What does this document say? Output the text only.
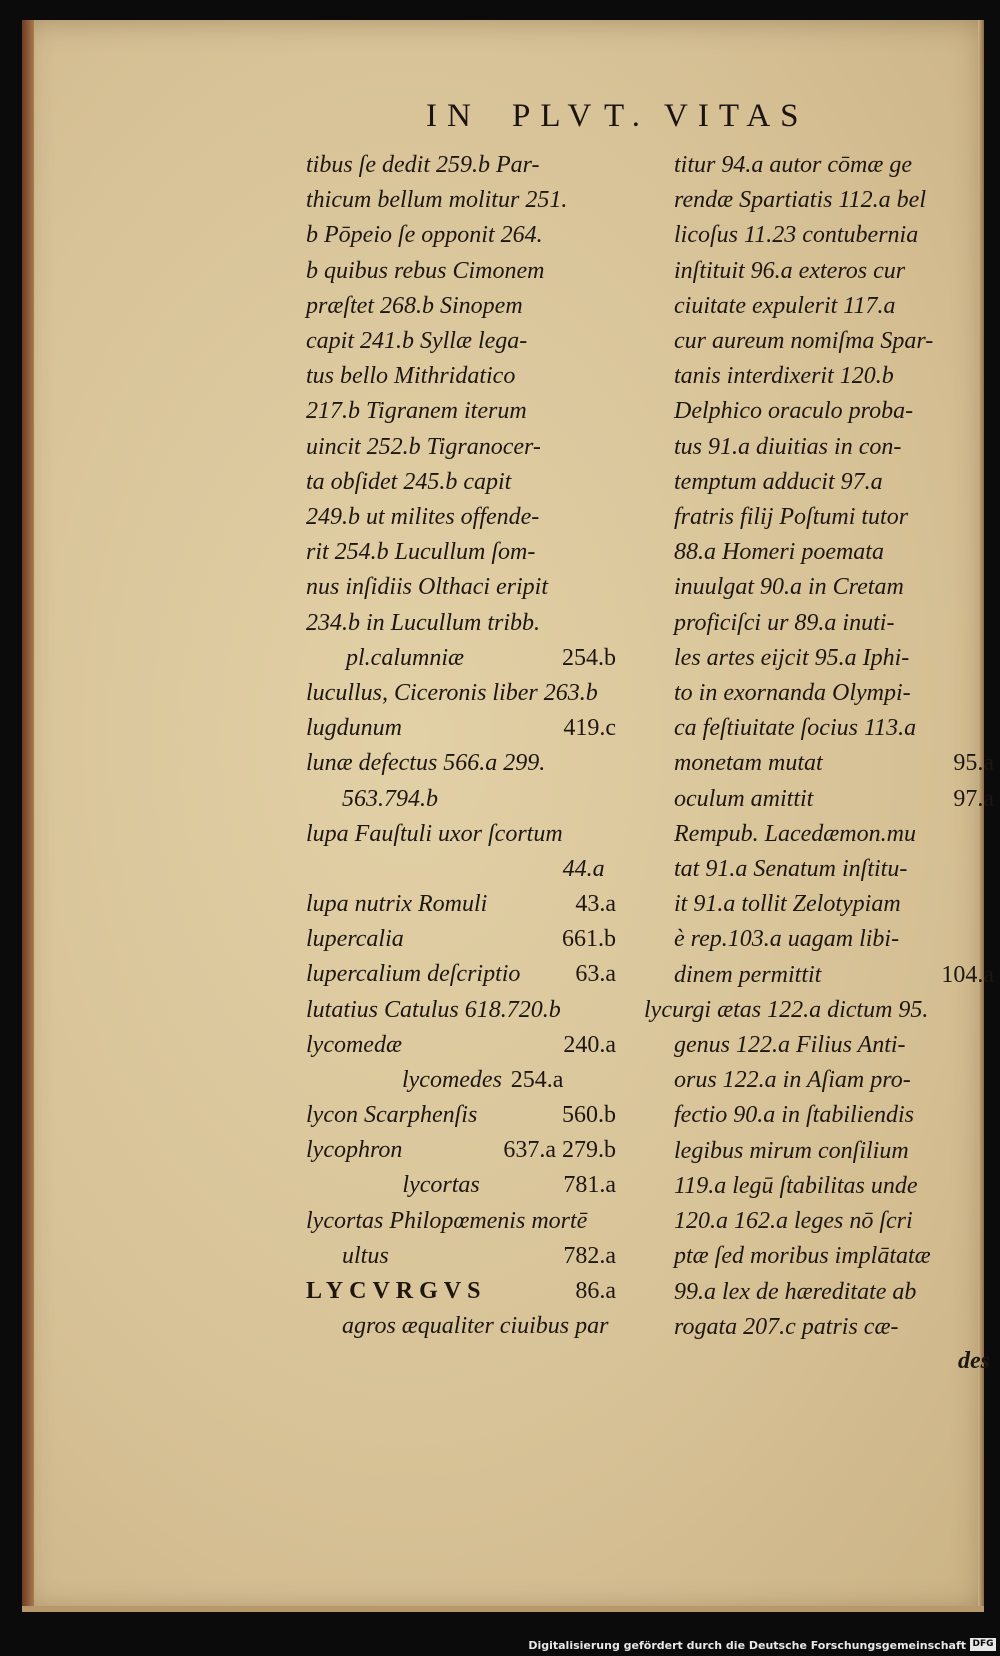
IN PLV T. VITAS
tibus ſe dedit 259.b Par-
thicum bellum molitur 251.
b Pōpeio ſe opponit 264.
b quibus rebus Cimonem
præſtet 268.b Sinopem
capit 241.b Syllæ lega-
tus bello Mithridatico
217.b Tigranem iterum
uincit 252.b Tigranocer-
ta obſidet 245.b capit
249.b ut milites offende-
rit 254.b Lucullum ſom-
nus inſidiis Olthaci eripit
234.b in Lucullum tribb.
pl.calumniæ	254.b
lucullus, Ciceronis liber 263.b
lugdunum	419.c
lunæ defectus 566.a 299.
563.794.b
lupa Fauſtuli uxor ſcortum
44.a
lupa nutrix Romuli	43.a
lupercalia	661.b
lupercalium deſcriptio 63.a
lutatius Catulus 618.720.b
lycomedæ	240.a
lycomedes 254.a
lycon Scarphenſis	560.b
lycophron	637.a 279.b
lycortas	781.a
lycortas Philopœmenis mortē
ultus	782.a
LYCVRGVS	86.a
agros æqualiter ciuibus par
titur 94.a autor cōmæ ge
rendæ Spartiatis 112.a bel
licoſus 11.23 contubernia
inſtituit 96.a exteros cur
ciuitate expulerit 117.a
cur aureum nomiſma Spar-
tanis interdixerit 120.b
Delphico oraculo proba-
tus 91.a diuitias in con-
temptum adducit 97.a
fratris filij Poſtumi tutor
88.a Homeri poemata
inuulgat 90.a in Cretam
proficiſci ur 89.a inuti-
les artes eijcit 95.a Iphi-
to in exornanda Olympi-
ca feſtiuitate ſocius 113.a
monetam mutat	95.a
oculum amittit	97.a
Rempub. Lacedæmon.mu
tat 91.a Senatum inſtitu-
it 91.a tollit Zelotypiam
è rep.103.a uagam libi-
dinem permittit	104.a
lycurgi ætas 122.a dictum 95.
genus 122.a Filius Anti-
orus 122.a in Aſiam pro-
fectio 90.a in ſtabiliendis
legibus mirum conſilium
119.a legū ſtabilitas unde
120.a 162.a leges nō ſcri
ptæ ſed moribus implātatæ
99.a lex de hæreditate ab
rogata 207.c patris cæ-
des
Digitalisierung gefördert durch die Deutsche Forschungsgemeinschaft DFG
